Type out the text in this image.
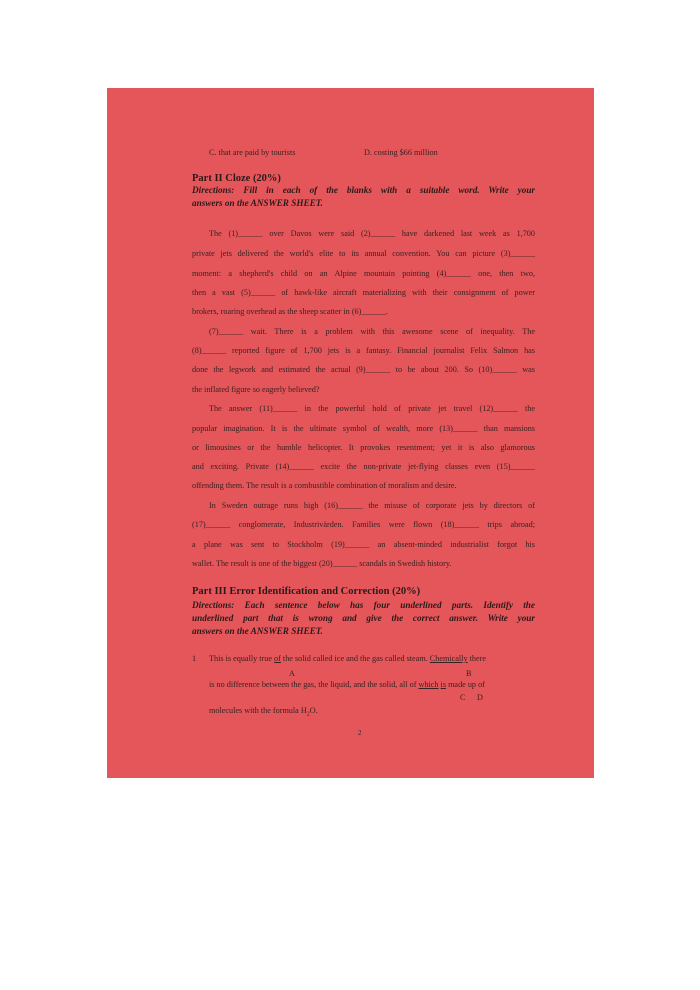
C. that are paid by tourists	D. costing $66 million
Part II Cloze (20%)
Directions: Fill in each of the blanks with a suitable word. Write your
answers on the ANSWER SHEET.
The (1)______ over Davos were said (2)______ have darkened last week as 1,700
private jets delivered the world's elite to its annual convention. You can picture (3)______
moment: a shepherd's child on an Alpine mountain pointing (4)______ one, then two,
then a vast (5)______ of hawk-like aircraft materializing with their consignment of power
brokers, roaring overhead as the sheep scatter in (6)______.
(7)______ wait. There is a problem with this awesome scene of inequality. The
(8)______ reported figure of 1,700 jets is a fantasy. Financial journalist Felix Salmon has
done the legwork and estimated the actual (9)______ to be about 200. So (10)______ was
the inflated figure so eagerly believed?
The answer (11)______ in the powerful hold of private jet travel (12)______ the
popular imagination. It is the ultimate symbol of wealth, more (13)______ than mansions
or limousines or the humble helicopter. It provokes resentment; yet it is also glamorous
and exciting. Private (14)______ excite the non-private jet-flying classes even (15)______
offending them. The result is a combustible combination of moralism and desire.
In Sweden outrage runs high (16)______ the misuse of corporate jets by directors of
(17)______ conglomerate, Industrivärden. Families were flown (18)______ trips abroad;
a plane was sent to Stockholm (19)______ an absent-minded industrialist forgot his
wallet. The result is one of the biggest (20)______ scandals in Swedish history.
Part III Error Identification and Correction (20%)
Directions: Each sentence below has four underlined parts. Identify the
underlined part that is wrong and give the correct answer. Write your
answers on the ANSWER SHEET.
1	This is equally true of the solid called ice and the gas called steam. Chemically there
A	B
is no difference between the gas, the liquid, and the solid, all of which is made up of
C D
molecules with the formula $H_2O$.
2
